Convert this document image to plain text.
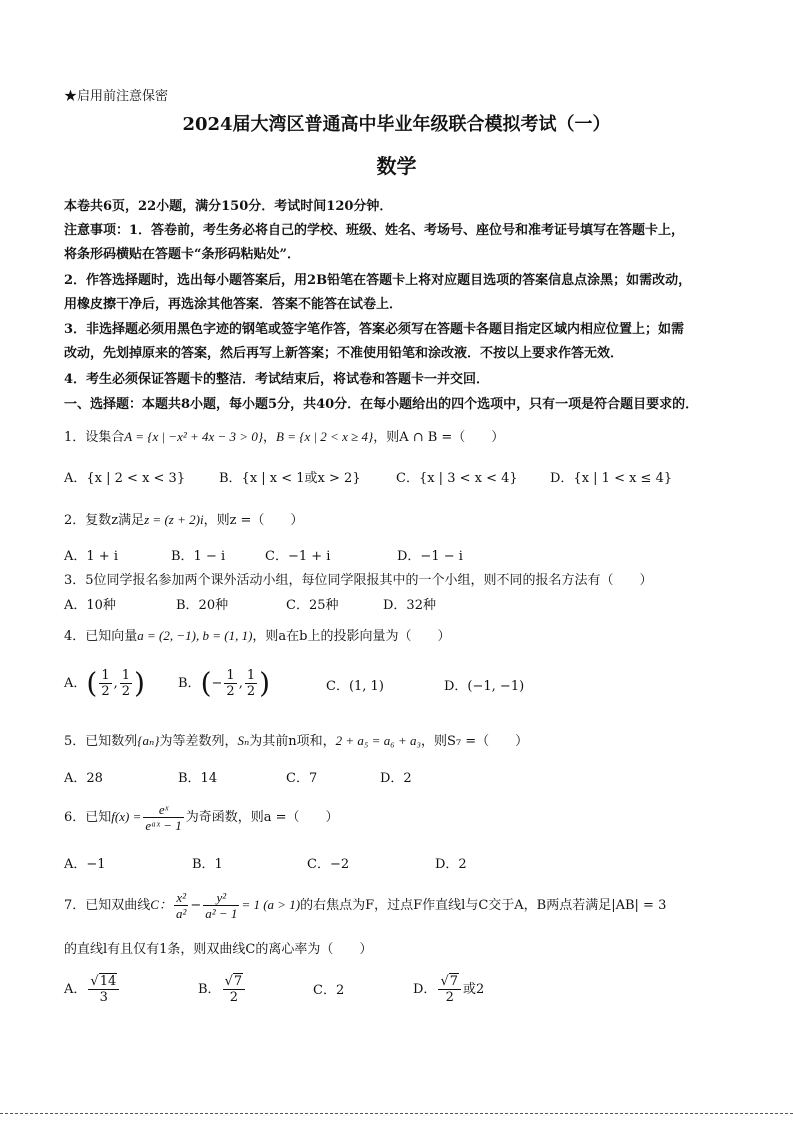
★启用前注意保密
2024届大湾区普通高中毕业年级联合模拟考试（一）
数学
本卷共6页，22小题，满分150分．考试时间120分钟．
注意事项：1．答卷前，考生务必将自己的学校、班级、姓名、考场号、座位号和准考证号填写在答题卡上，
将条形码横贴在答题卡“条形码粘贴处”．
2．作答选择题时，选出每小题答案后，用2B铅笔在答题卡上将对应题目选项的答案信息点涂黑；如需改动，
用橡皮擦干净后，再选涂其他答案．答案不能答在试卷上．
3．非选择题必须用黑色字迹的钢笔或签字笔作答，答案必须写在答题卡各题目指定区域内相应位置上；如需
改动，先划掉原来的答案，然后再写上新答案；不准使用铅笔和涂改液．不按以上要求作答无效．
4．考生必须保证答题卡的整洁．考试结束后，将试卷和答题卡一并交回．
一、选择题：本题共8小题，每小题5分，共40分．在每小题给出的四个选项中，只有一项是符合题目要求的．
1．设集合A = {x | −x² + 4x − 3 > 0}，B = {x | 2 < x ≥ 4}，则A ∩ B =（　　）
A．{x | 2 < x < 3}	B．{x | x < 1或x > 2}	C．{x | 3 < x < 4} D．{x | 1 < x ≤ 4}
2．复数z满足z = (z + 2)i，则z =（　　）
A．1 + i	B．1 − i	C．−1 + i	D．−1 − i
3．5位同学报名参加两个课外活动小组，每位同学限报其中的一个小组，则不同的报名方法有（　　）
A．10种	B．20种	C．25种	D．32种
4．已知向量a = (2, −1), b = (1, 1)，则a在b上的投影向量为（　　）
A．( $\frac{1}{2}$ , $\frac{1}{2}$ )	B．(− $\frac{1}{2}$ , $\frac{1}{2}$ )	C．(1, 1)	D．(−1, −1)
5．已知数列{aₙ}为等差数列，Sₙ为其前n项和，2 + a₅ = a₆ + a₃，则S₇ =（　　）
A．28	B．14	C．7	D．2
6．已知$f(x) = \frac{\text{eˣ}}{\text{eᵃˣ − 1}}$ 为奇函数，则a =（　　）
A．−1	B．1	C．−2	D．2
7．已知双曲线C： $\frac{\text{x²}}{\text{a²}} - \frac{\text{y²}}{\text{a² − 1}} = 1$ (a > 1)的右焦点为F，过点F作直线l与C交于A，B两点若满足|AB| = 3
的直线l有且仅有1条，则双曲线C的离心率为（　　）
A． $\frac{√14}{3}$	B． $\frac{√7}{2}$	C．2	D． $\frac{√7}{2}$ 或2
